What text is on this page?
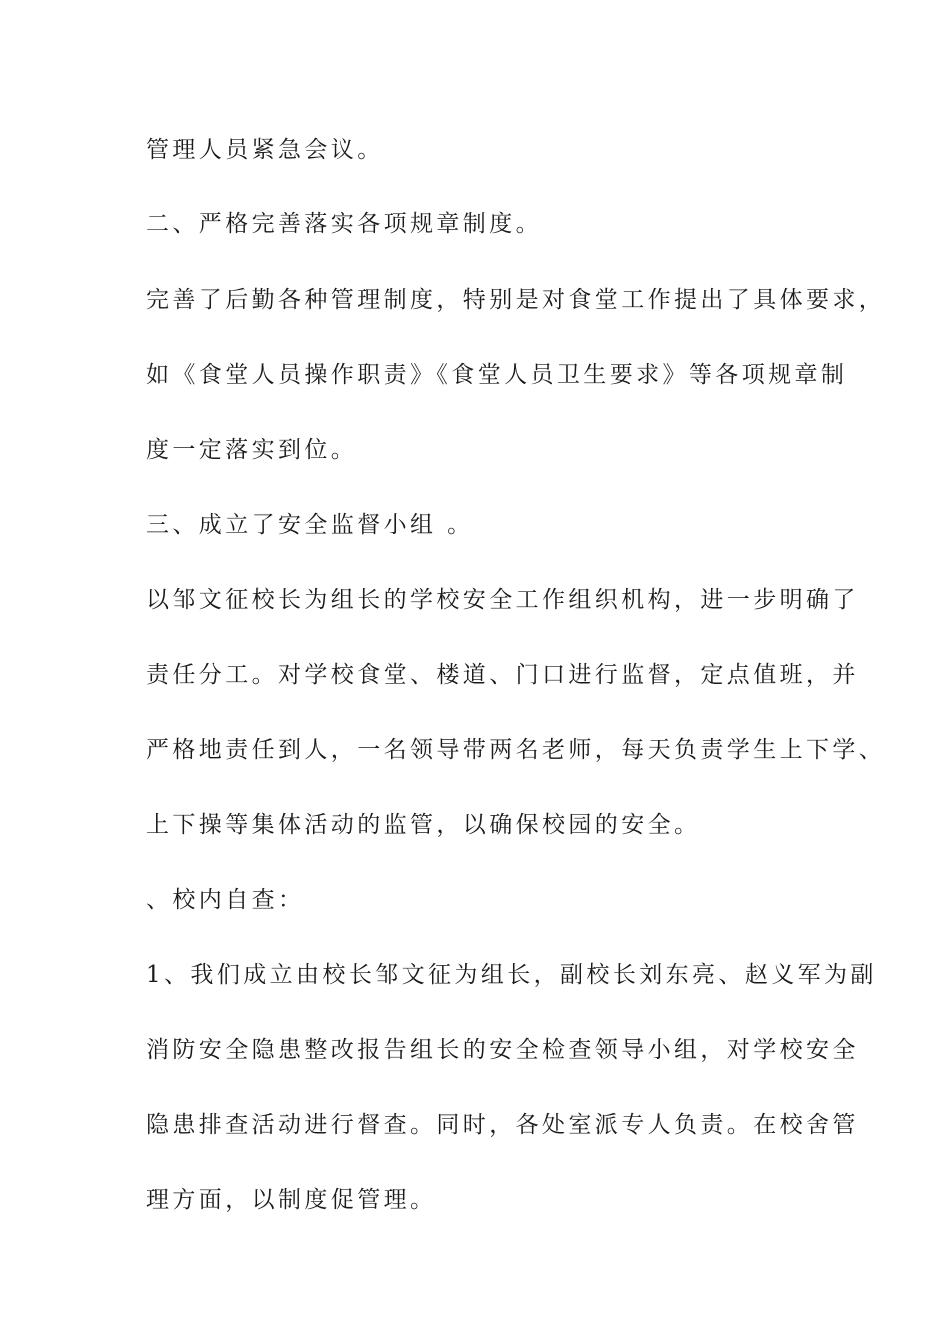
管理人员紧急会议。

二、严格完善落实各项规章制度。

完善了后勤各种管理制度，特别是对食堂工作提出了具体要求，

如《食堂人员操作职责》《食堂人员卫生要求》等各项规章制

度一定落实到位。

三、成立了安全监督小组 。

以邹文征校长为组长的学校安全工作组织机构，进一步明确了

责任分工。对学校食堂、楼道、门口进行监督，定点值班，并

严格地责任到人，一名领导带两名老师，每天负责学生上下学、

上下操等集体活动的监管，以确保校园的安全。

、校内自查：

1、我们成立由校长邹文征为组长，副校长刘东亮、赵义军为副

消防安全隐患整改报告组长的安全检查领导小组，对学校安全

隐患排查活动进行督查。同时，各处室派专人负责。在校舍管

理方面，以制度促管理。
